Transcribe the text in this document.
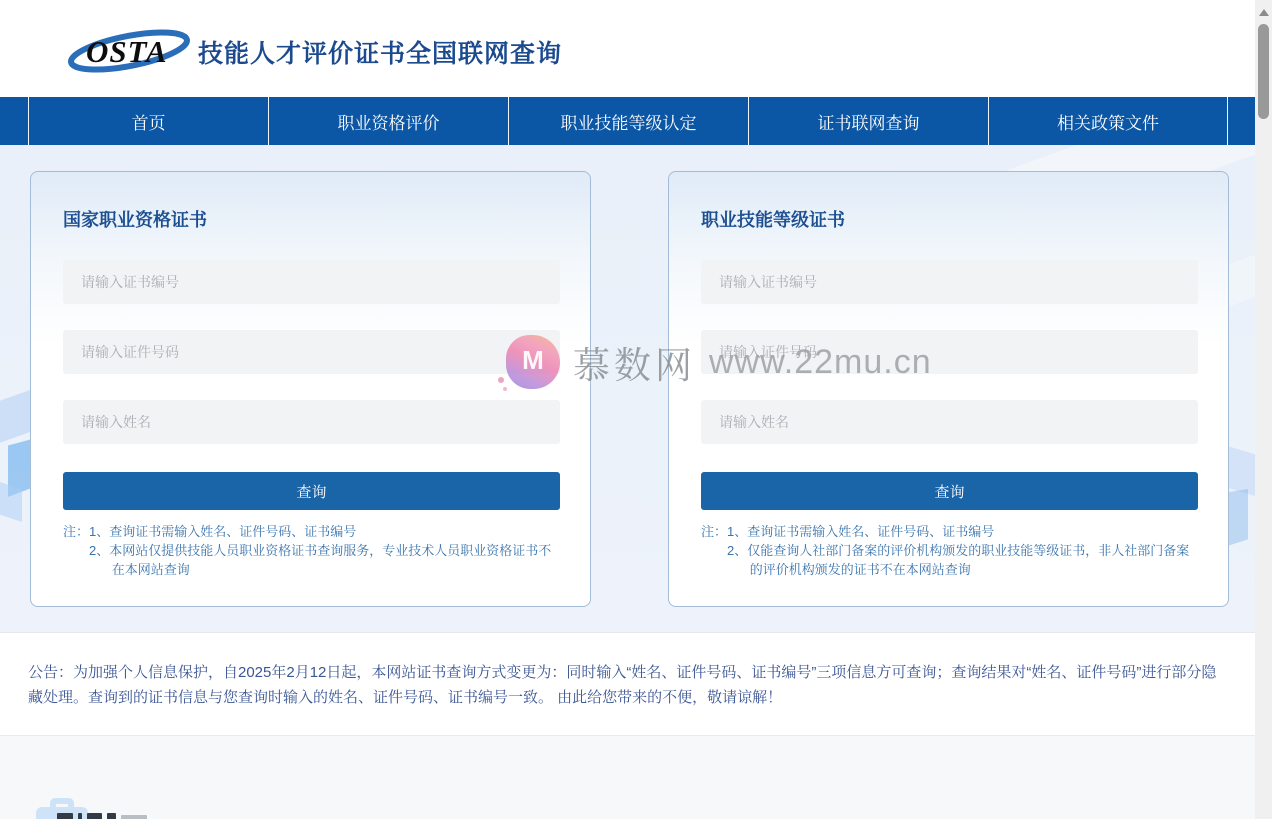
OSTA 技能人才评价证书全国联网查询
首页	职业资格评价	职业技能等级认定	证书联网查询	相关政策文件
国家职业资格证书
请输入证书编号
请输入证件号码
请输入姓名
查询
注： 1、查询证书需输入姓名、证件号码、证书编号
2、本网站仅提供技能人员职业资格证书查询服务，专业技术人员职业资格证书不在本网站查询
职业技能等级证书
请输入证书编号
请输入证件号码
请输入姓名
查询
注： 1、查询证书需输入姓名、证件号码、证书编号
2、仅能查询人社部门备案的评价机构颁发的职业技能等级证书，非人社部门备案的评价机构颁发的证书不在本网站查询
公告：为加强个人信息保护，自2025年2月12日起，本网站证书查询方式变更为：同时输入“姓名、证件号码、证书编号”三项信息方可查询；查询结果对“姓名、证件号码”进行部分隐藏处理。查询到的证书信息与您查询时输入的姓名、证件号码、证书编号一致。 由此给您带来的不便，敬请谅解！
M 慕数网 www.22mu.cn
